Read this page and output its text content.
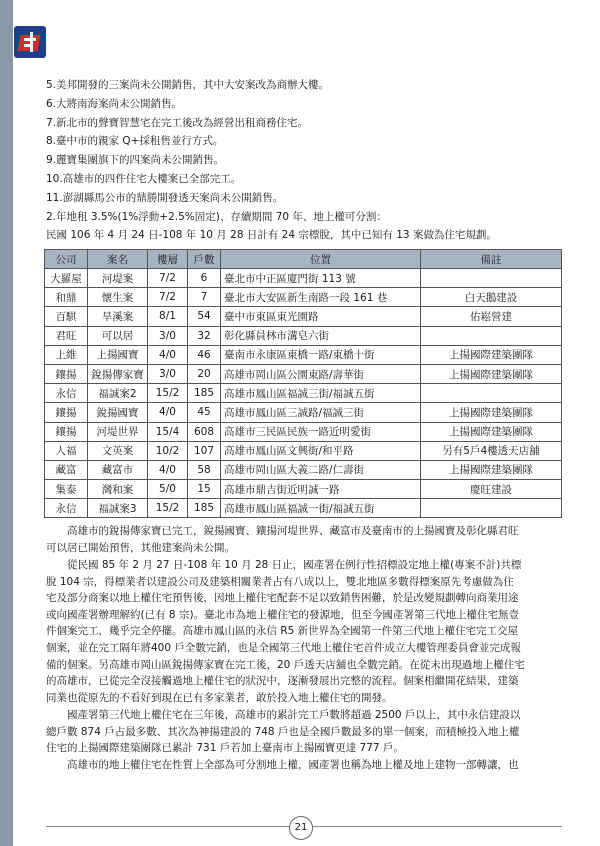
5.美邦開發的三案尚未公開銷售，其中大安案改為商辦大樓。
6.大將南海案尚未公開銷售。
7.新北市的聲寶智慧宅在完工後改為經營出租商務住宅。
8.臺中市的親家 Q+採租售並行方式。
9.麗寶集團旗下的四案尚未公開銷售。
10.高雄市的四件住宅大樓案已全部完工。
11.澎湖縣馬公市的鼎勝開發透天案尚未公開銷售。
2.年地租 3.5%(1%浮動+2.5%固定)、存續期間 70 年、地上權可分割：
民國 106 年 4 月 24 日-108 年 10 月 28 日計有 24 宗標脫，其中已知有 13 案做為住宅規劃。
公司	案名	樓層	戶數	位置	備註
大羅屋	河堤案	7/2	6	臺北市中正區廈門街 113 號	
和鼎	懷生案	7/2	7	臺北市大安區新生南路一段 161 巷	白天鵝建設
百騏	旱溪案	8/1	54	臺中市東區東光園路	佑崧營建
君旺	可以居	3/0	32	彰化縣員林市溝皂六街	
上維	上揚國寶	4/0	46	臺南市永康區東橋一路/東橋十街	上揚國際建築團隊
鑲揚	銳揚傳家寶	3/0	20	高雄市岡山區公園東路/壽華街	上揚國際建築團隊
永信	福誠案2	15/2	185	高雄市鳳山區福誠三街/福誠五街	
鑲揚	銳揚國寶	4/0	45	高雄市鳳山區三誠路/福誠三街	上揚國際建築團隊
鑲揚	河堤世界	15/4	608	高雄市三民區民族一路近明愛街	上揚國際建築團隊
人福	文英案	10/2	107	高雄市鳳山區文興街/和平路	另有5戶4樓透天店舖
藏富	藏富市	4/0	58	高雄市岡山區大義二路/仁壽街	上揚國際建築團隊
集泰	灣和案	5/0	15	高雄市鼎吉街近明誠一路	慶旺建設
永信	福誠案3	15/2	185	高雄市鳳山區福誠一街/福誠五街	
　　高雄市的銳揚傳家寶已完工，銳揚國寶、鑲揚河堤世界、藏富市及臺南市的上揚國寶及彰化縣君旺
可以居已開始預售，其他建案尚未公開。
　　從民國 85 年 2 月 27 日-108 年 10 月 28 日止，國產署在例行性招標設定地上權(專案不計)共標
脫 104 宗，得標業者以建設公司及建築相關業者占有八成以上，雙北地區多數得標案原先考慮做為住
宅及部分商案以地上權住宅預售後，因地上權住宅配套不足以致銷售困難，於是改變規劃轉向商業用途
或向國產署辦理解約(已有 8 宗)。臺北市為地上權住宅的發源地，但至今國產署第三代地上權住宅無壹
件個案完工，幾乎完全停擺。高雄市鳳山區的永信 R5 新世界為全國第一件第三代地上權住宅完工交屋
個案，並在完工隔年將400 戶全數完銷，也是全國第三代地上權住宅首件成立大樓管理委員會並完成報
備的個案。另高雄市岡山區銳揚傳家寶在完工後，20 戶透天店舖也全數完銷。在從未出現過地上權住宅
的高雄市，已從完全沒接觸過地上權住宅的狀況中，逐漸發展出完整的流程。個案相繼開花結果，建築
同業也從原先的不看好到現在已有多家業者，敢於投入地上權住宅的開發。
　　國產署第三代地上權住宅在三年後，高雄市的累計完工戶數將超過 2500 戶以上，其中永信建設以
總戶數 874 戶占最多數、其次為神揚建設的 748 戶也是全國戶數最多的單一個案，而積極投入地上權
住宅的上揚國際建築團隊已累計 731 戶若加上臺南市上揚國寶更達 777 戶。
　　高雄市的地上權住宅在性質上全部為可分割地上權，國產署也稱為地上權及地上建物一部轉讓，也
21
